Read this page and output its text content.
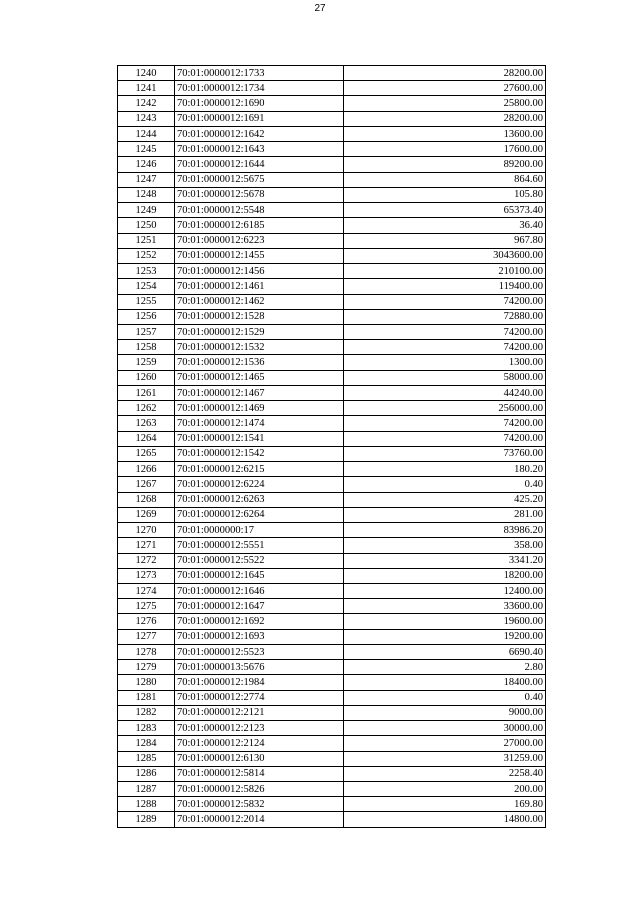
27
1240	70:01:0000012:1733	28200.00
1241	70:01:0000012:1734	27600.00
1242	70:01:0000012:1690	25800.00
1243	70:01:0000012:1691	28200.00
1244	70:01:0000012:1642	13600.00
1245	70:01:0000012:1643	17600.00
1246	70:01:0000012:1644	89200.00
1247	70:01:0000012:5675	864.60
1248	70:01:0000012:5678	105.80
1249	70:01:0000012:5548	65373.40
1250	70:01:0000012:6185	36.40
1251	70:01:0000012:6223	967.80
1252	70:01:0000012:1455	3043600.00
1253	70:01:0000012:1456	210100.00
1254	70:01:0000012:1461	119400.00
1255	70:01:0000012:1462	74200.00
1256	70:01:0000012:1528	72880.00
1257	70:01:0000012:1529	74200.00
1258	70:01:0000012:1532	74200.00
1259	70:01:0000012:1536	1300.00
1260	70:01:0000012:1465	58000.00
1261	70:01:0000012:1467	44240.00
1262	70:01:0000012:1469	256000.00
1263	70:01:0000012:1474	74200.00
1264	70:01:0000012:1541	74200.00
1265	70:01:0000012:1542	73760.00
1266	70:01:0000012:6215	180.20
1267	70:01:0000012:6224	0.40
1268	70:01:0000012:6263	425.20
1269	70:01:0000012:6264	281.00
1270	70:01:0000000:17	83986.20
1271	70:01:0000012:5551	358.00
1272	70:01:0000012:5522	3341.20
1273	70:01:0000012:1645	18200.00
1274	70:01:0000012:1646	12400.00
1275	70:01:0000012:1647	33600.00
1276	70:01:0000012:1692	19600.00
1277	70:01:0000012:1693	19200.00
1278	70:01:0000012:5523	6690.40
1279	70:01:0000013:5676	2.80
1280	70:01:0000012:1984	18400.00
1281	70:01:0000012:2774	0.40
1282	70:01:0000012:2121	9000.00
1283	70:01:0000012:2123	30000.00
1284	70:01:0000012:2124	27000.00
1285	70:01:0000012:6130	31259.00
1286	70:01:0000012:5814	2258.40
1287	70:01:0000012:5826	200.00
1288	70:01:0000012:5832	169.80
1289	70:01:0000012:2014	14800.00
